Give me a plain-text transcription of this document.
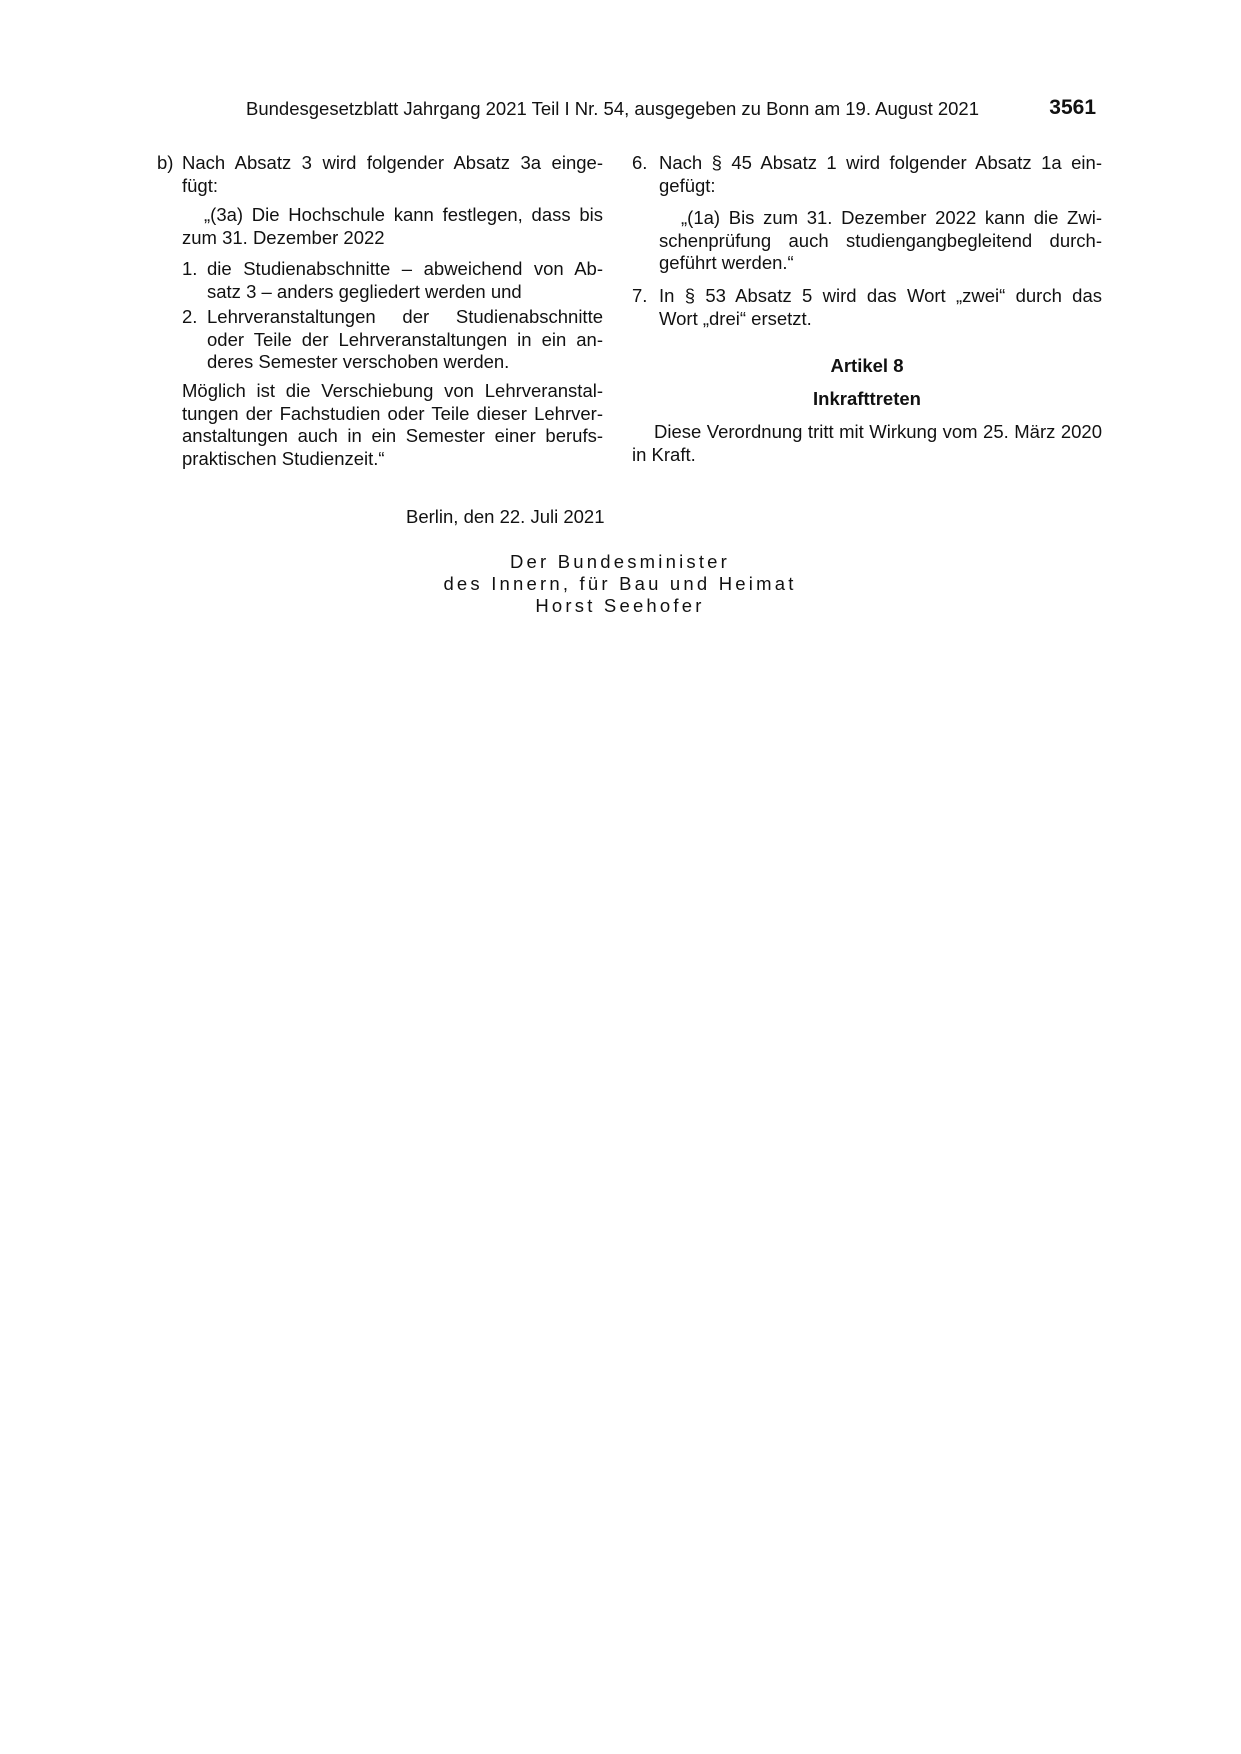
Bundesgesetzblatt Jahrgang 2021 Teil I Nr. 54, ausgegeben zu Bonn am 19. August 2021	3561
b) Nach Absatz 3 wird folgender Absatz 3a einge-

fügt:

„(3a) Die Hochschule kann festlegen, dass bis

zum 31. Dezember 2022

1. die Studienabschnitte – abweichend von Ab-

satz 3 – anders gegliedert werden und

2. Lehrveranstaltungen der Studienabschnitte

oder Teile der Lehrveranstaltungen in ein an-

deres Semester verschoben werden.

Möglich ist die Verschiebung von Lehrveranstal-

tungen der Fachstudien oder Teile dieser Lehrver-

anstaltungen auch in ein Semester einer berufs-

praktischen Studienzeit.“

6. Nach § 45 Absatz 1 wird folgender Absatz 1a ein-

gefügt:

„(1a) Bis zum 31. Dezember 2022 kann die Zwi-

schenprüfung auch studiengangbegleitend durch-

geführt werden.“

7. In § 53 Absatz 5 wird das Wort „zwei“ durch das

Wort „drei“ ersetzt.

Artikel 8

Inkrafttreten

Diese Verordnung tritt mit Wirkung vom 25. März 2020

in Kraft.

Berlin, den 22. Juli 2021
Der Bundesminister
des Innern, für Bau und Heimat
Horst Seehofer
